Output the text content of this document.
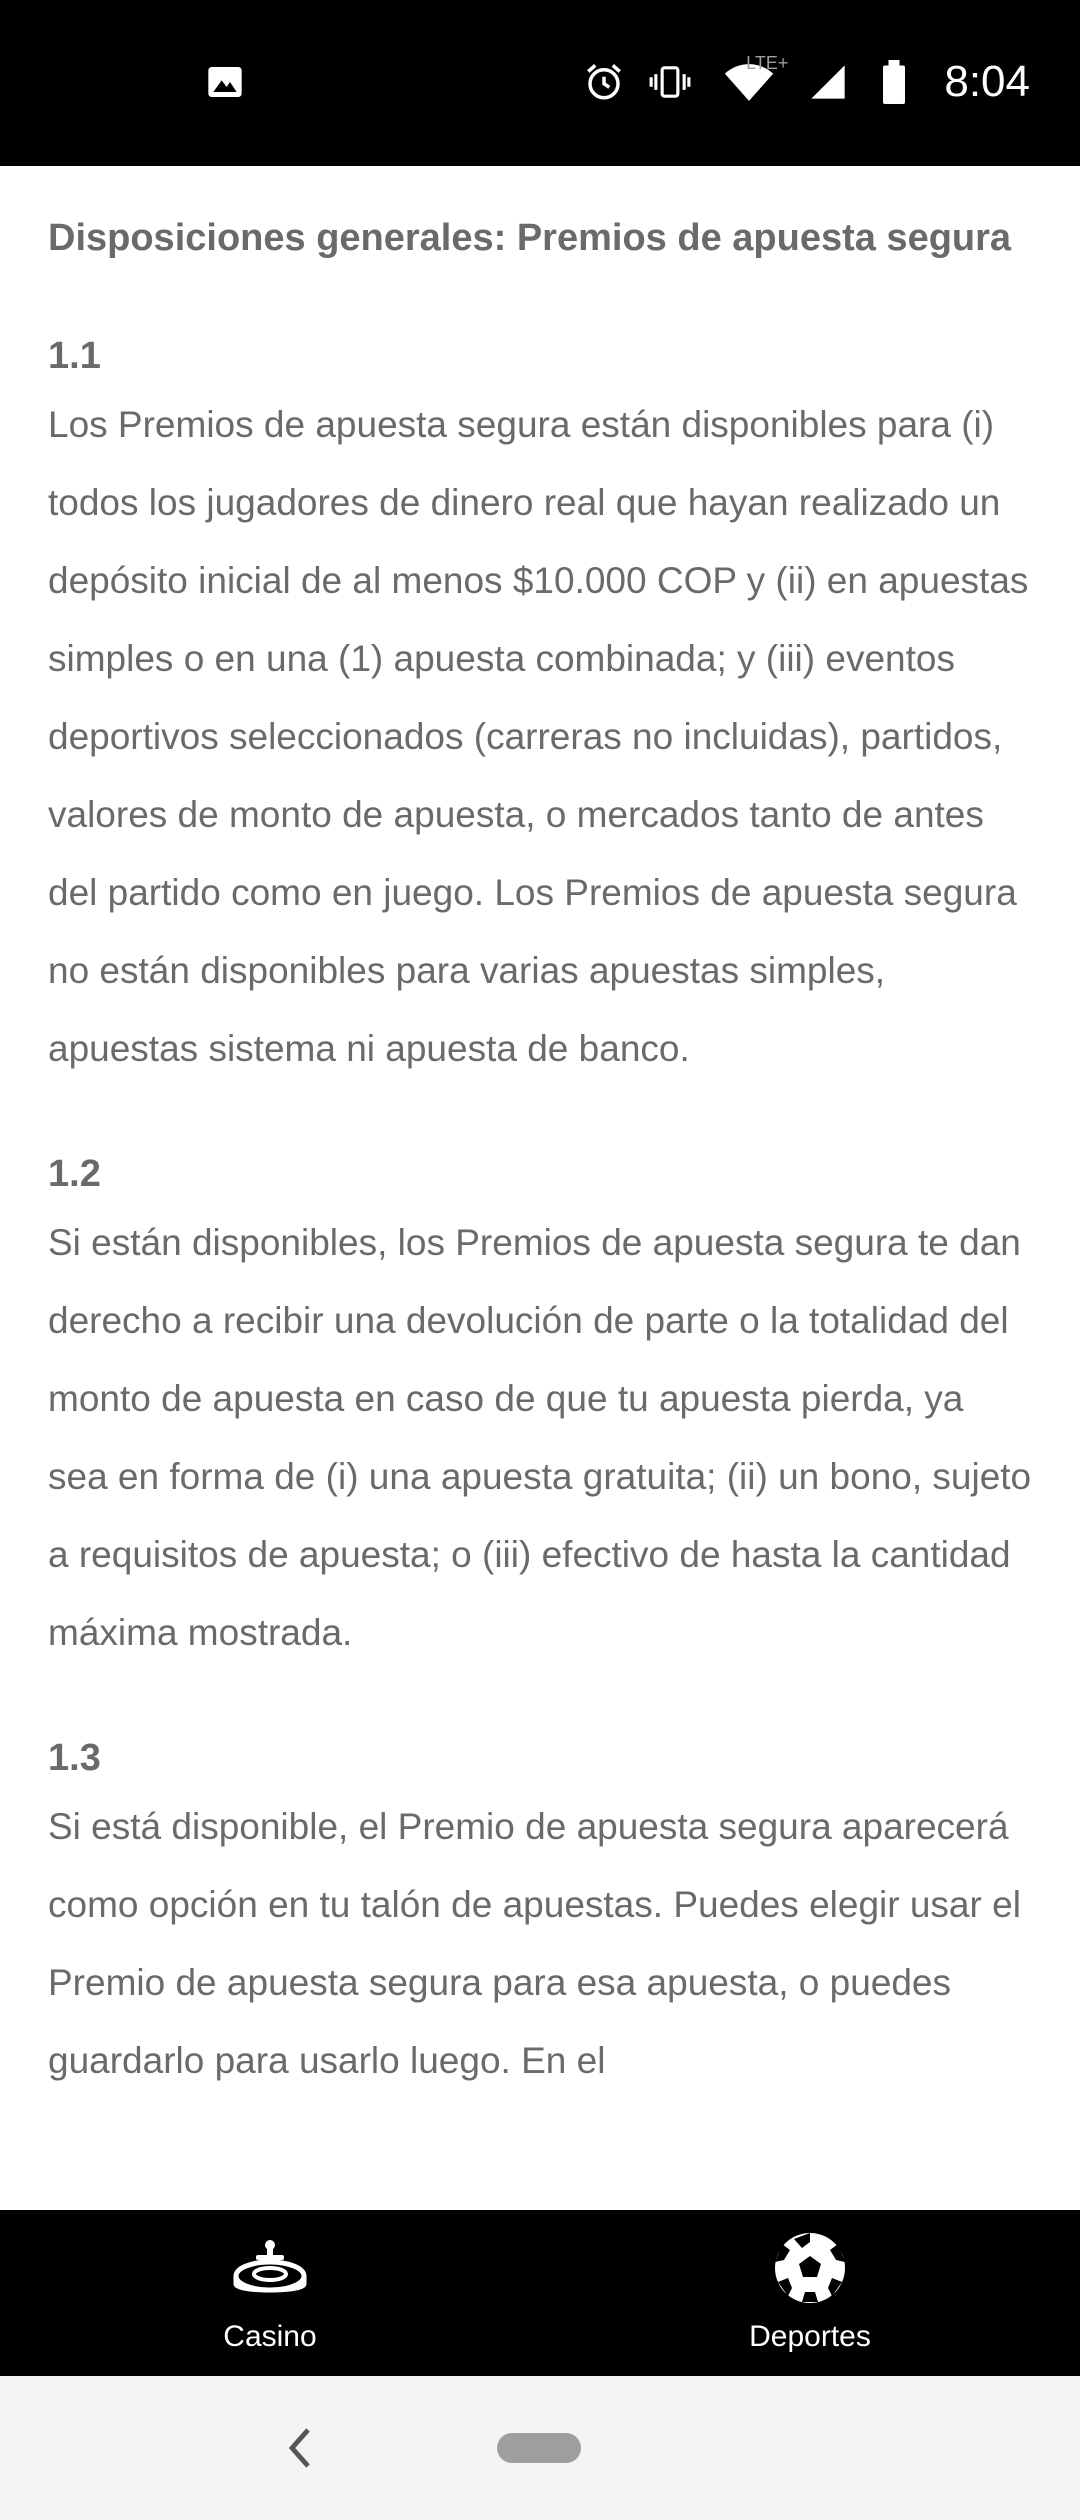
LTE+	8:04

Disposiciones generales: Premios de apuesta segura

1.1

Los Premios de apuesta segura están disponibles para (i) todos los jugadores de dinero real que hayan realizado un depósito inicial de al menos $10.000 COP y (ii) en apuestas simples o en una (1) apuesta combinada; y (iii) eventos deportivos seleccionados (carreras no incluidas), partidos, valores de monto de apuesta, o mercados tanto de antes del partido como en juego. Los Premios de apuesta segura no están disponibles para varias apuestas simples, apuestas sistema ni apuesta de banco.

1.2

Si están disponibles, los Premios de apuesta segura te dan derecho a recibir una devolución de parte o la totalidad del monto de apuesta en caso de que tu apuesta pierda, ya sea en forma de (i) una apuesta gratuita; (ii) un bono, sujeto a requisitos de apuesta; o (iii) efectivo de hasta la cantidad máxima mostrada.

1.3

Si está disponible, el Premio de apuesta segura aparecerá como opción en tu talón de apuestas. Puedes elegir usar el Premio de apuesta segura para esa apuesta, o puedes guardarlo para usarlo luego. En el

Casino	Deportes
